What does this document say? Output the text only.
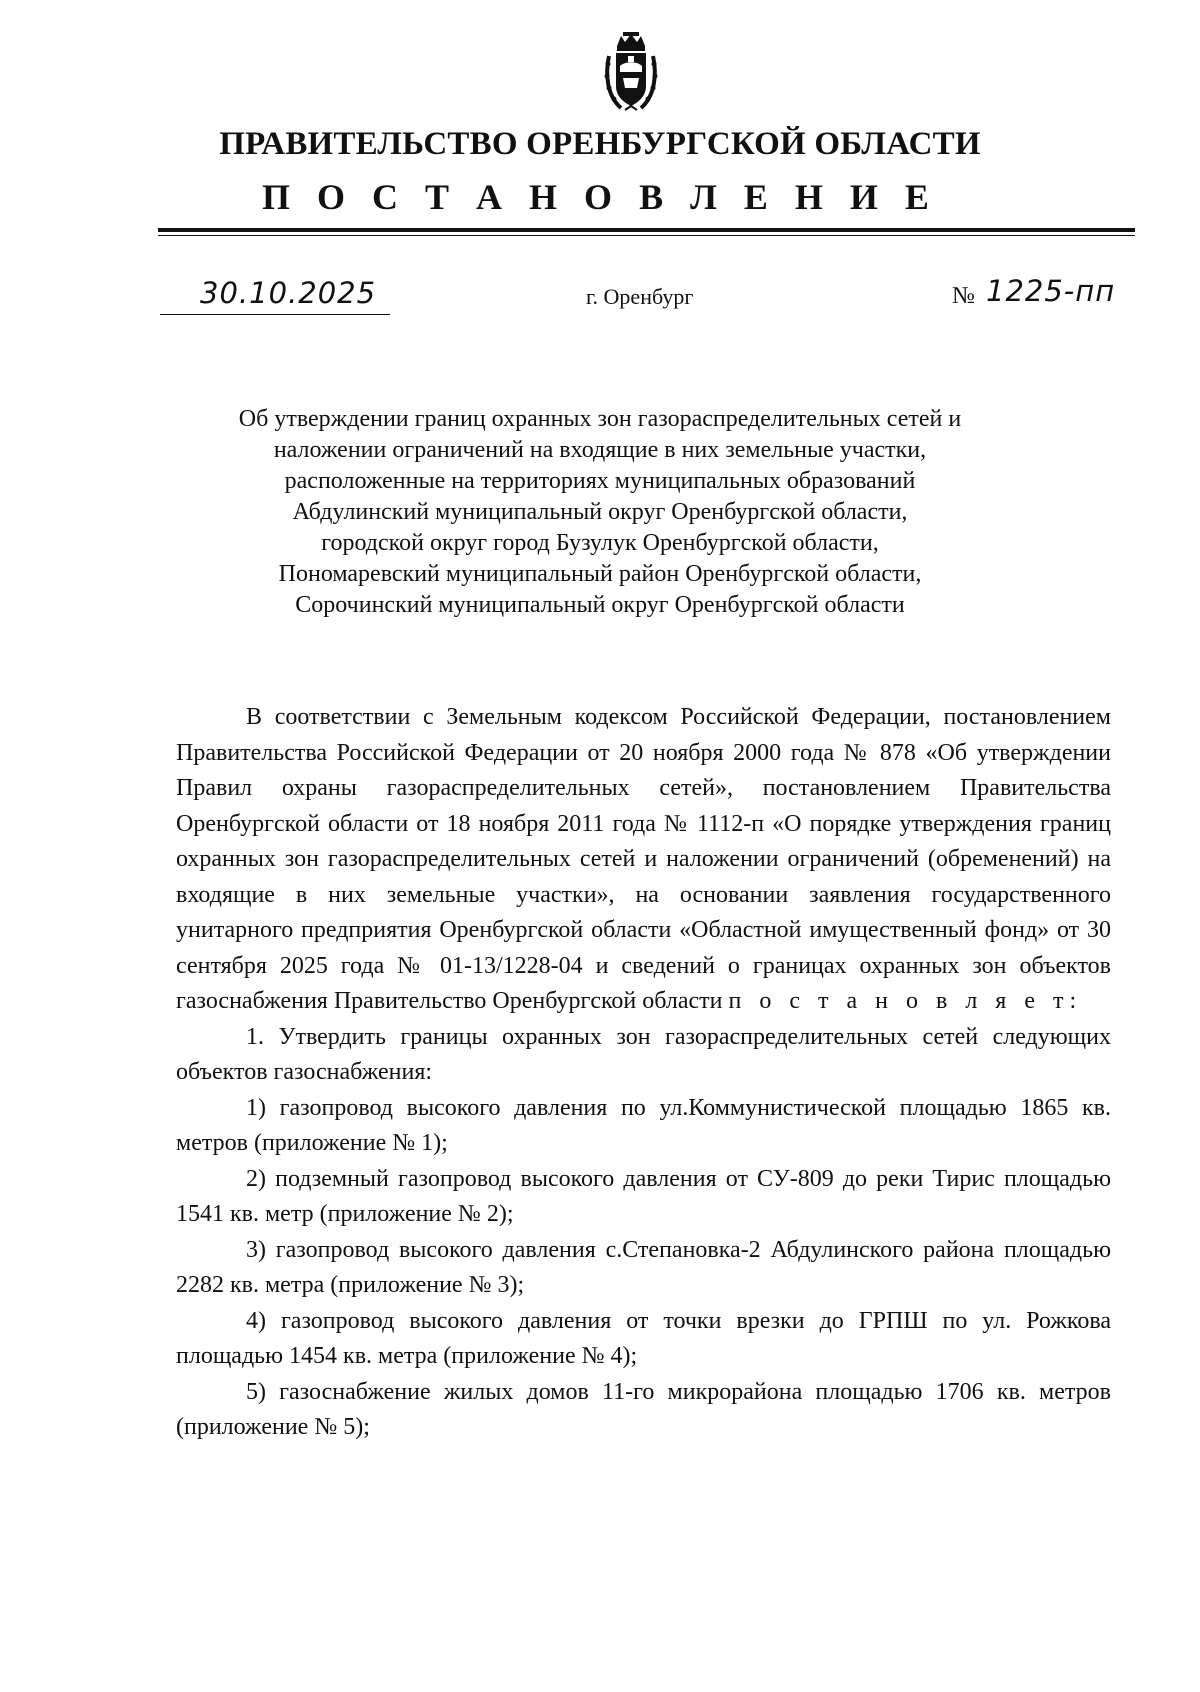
ПРАВИТЕЛЬСТВО ОРЕНБУРГСКОЙ ОБЛАСТИ
П О С Т А Н О В Л Е Н И Е
30.10.2025	г. Оренбург	№ 1225-пп
Об утверждении границ охранных зон газораспределительных сетей и
наложении ограничений на входящие в них земельные участки,
расположенные на территориях муниципальных образований
Абдулинский муниципальный округ Оренбургской области,
городской округ город Бузулук Оренбургской области,
Пономаревский муниципальный район Оренбургской области,
Сорочинский муниципальный округ Оренбургской области

В соответствии с Земельным кодексом Российской Федерации, постановлением Правительства Российской Федерации от 20 ноября 2000 года № 878 «Об утверждении Правил охраны газораспределительных сетей», постановлением Правительства Оренбургской области от 18 ноября 2011 года № 1112-п «О порядке утверждения границ охранных зон газораспределительных сетей и наложении ограничений (обременений) на входящие в них земельные участки», на основании заявления государственного унитарного предприятия Оренбургской области «Областной имущественный фонд» от 30 сентября 2025 года № 01-13/1228-04 и сведений о границах охранных зон объектов газоснабжения Правительство Оренбургской области п о с т а н о в л я е т:

1. Утвердить границы охранных зон газораспределительных сетей следующих объектов газоснабжения:

1) газопровод высокого давления по ул.Коммунистической площадью 1865 кв. метров (приложение № 1);

2) подземный газопровод высокого давления от СУ-809 до реки Тирис площадью 1541 кв. метр (приложение № 2);

3) газопровод высокого давления с.Степановка-2 Абдулинского района площадью 2282 кв. метра (приложение № 3);

4) газопровод высокого давления от точки врезки до ГРПШ по ул. Рожкова площадью 1454 кв. метра (приложение № 4);

5) газоснабжение жилых домов 11-го микрорайона площадью 1706 кв. метров (приложение № 5);
